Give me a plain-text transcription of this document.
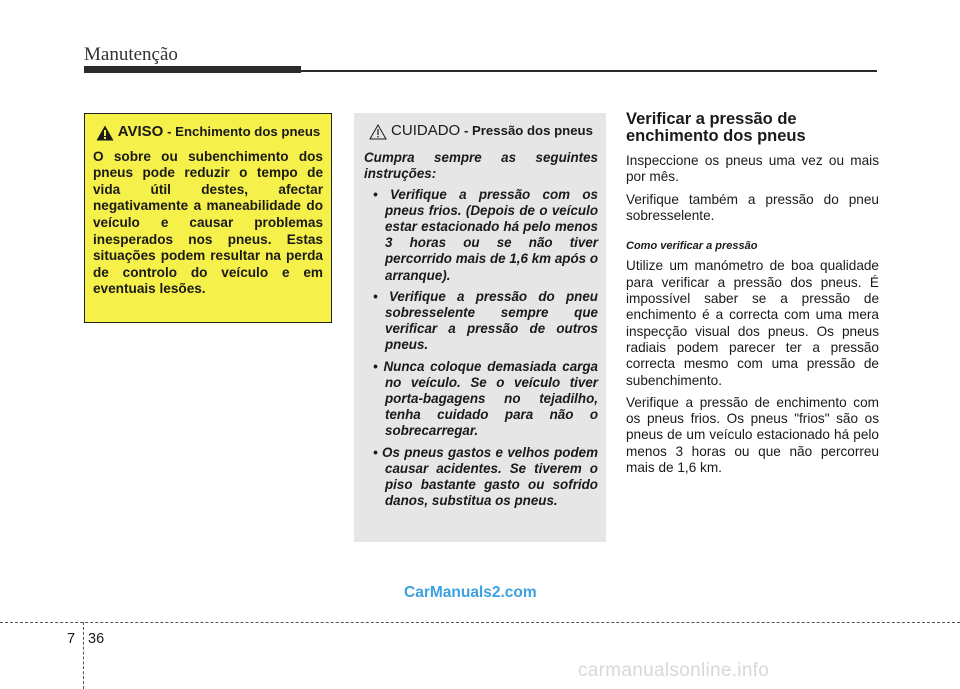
Manutenção
AVISO - Enchimento dos pneus
O sobre ou subenchimento dos pneus pode reduzir o tempo de vida útil destes, afectar negativamente a maneabilidade do veículo e causar problemas inesperados nos pneus. Estas situações podem resultar na perda de controlo do veículo e em eventuais lesões.
CUIDADO - Pressão dos pneus
Cumpra sempre as seguintes instruções:
• Verifique a pressão com os pneus frios. (Depois de o veículo estar estacionado há pelo menos 3 horas ou se não tiver percorrido mais de 1,6 km após o arranque).
• Verifique a pressão do pneu sobresselente sempre que verificar a pressão de outros pneus.
• Nunca coloque demasiada carga no veículo. Se o veículo tiver porta-bagagens no tejadilho, tenha cuidado para não o sobrecarregar.
• Os pneus gastos e velhos podem causar acidentes. Se tiverem o piso bastante gasto ou sofrido danos, substitua os pneus.
Verificar a pressão de enchimento dos pneus

Inspeccione os pneus uma vez ou mais por mês.

Verifique também a pressão do pneu sobresselente.

Como verificar a pressão

Utilize um manómetro de boa qualidade para verificar a pressão dos pneus. É impossível saber se a pressão de enchimento é a correcta com uma mera inspecção visual dos pneus. Os pneus radiais podem parecer ter a pressão correcta mesmo com uma pressão de subenchimento.

Verifique a pressão de enchimento com os pneus frios. Os pneus "frios" são os pneus de um veículo estacionado há pelo menos 3 horas ou que não percorreu mais de 1,6 km.

CarManuals2.com
7 36
carmanualsonline.info
